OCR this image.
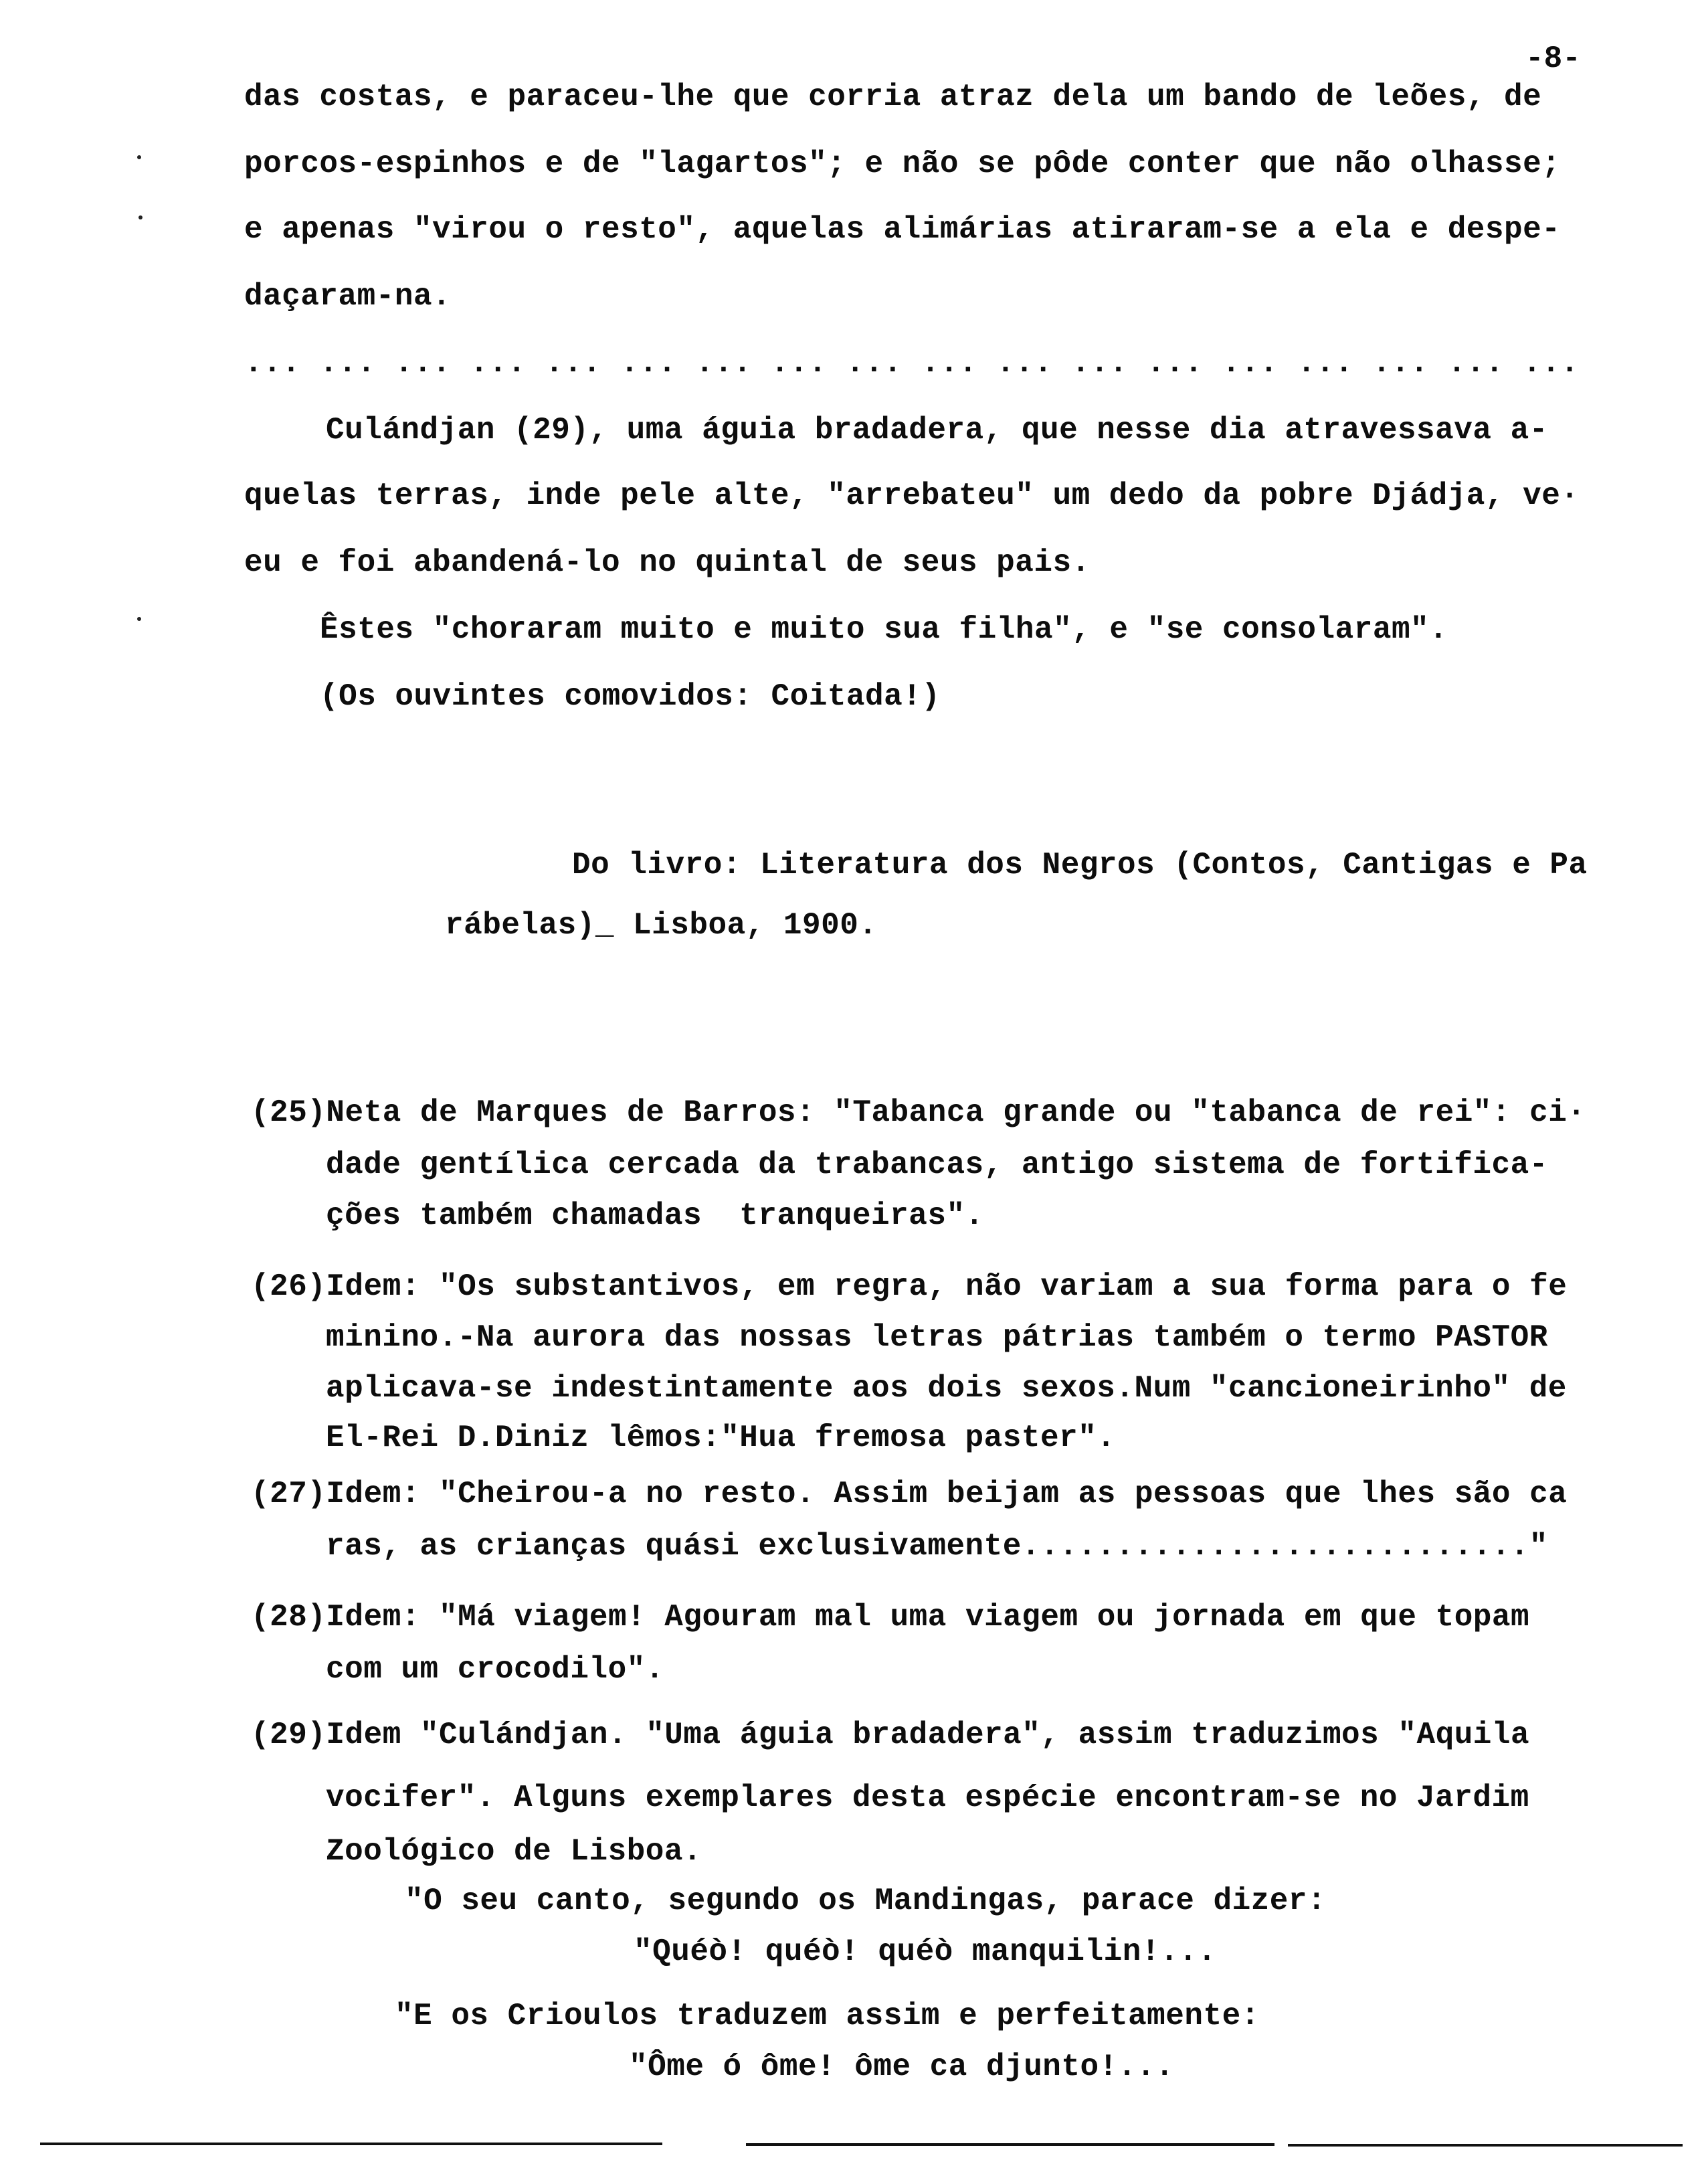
-8-
das costas, e paraceu-lhe que corria atraz dela um bando de leões, de
porcos-espinhos e de "lagartos"; e não se pôde conter que não olhasse;
e apenas "virou o resto", aquelas alimárias atiraram-se a ela e despe-
daçaram-na.
... ... ... ... ... ... ... ... ... ... ... ... ... ... ... ... ... ...
Culándjan (29), uma águia bradadera, que nesse dia atravessava a-
quelas terras, inde pele alte, "arrebateu" um dedo da pobre Djádja, ve·
eu e foi abandená-lo no quintal de seus pais.
Êstes "choraram muito e muito sua filha", e "se consolaram".
(Os ouvintes comovidos: Coitada!)
Do livro: Literatura dos Negros (Contos, Cantigas e Pa
rábelas)_ Lisboa, 1900.
(25)Neta de Marques de Barros: "Tabanca grande ou "tabanca de rei": ci·
dade gentílica cercada da trabancas, antigo sistema de fortifica-
ções também chamadas  tranqueiras".
(26)Idem: "Os substantivos, em regra, não variam a sua forma para o fe
minino.-Na aurora das nossas letras pátrias também o termo PASTOR
aplicava-se indestintamente aos dois sexos.Num "cancioneirinho" de
El-Rei D.Diniz lêmos:"Hua fremosa paster".
(27)Idem: "Cheirou-a no resto. Assim beijam as pessoas que lhes são ca
ras, as crianças quási exclusivamente..........................."
(28)Idem: "Má viagem! Agouram mal uma viagem ou jornada em que topam
com um crocodilo".
(29)Idem "Culándjan. "Uma águia bradadera", assim traduzimos "Aquila
vocifer". Alguns exemplares desta espécie encontram-se no Jardim
Zoológico de Lisboa.
"O seu canto, segundo os Mandingas, parace dizer:
"Quéò! quéò! quéò manquilin!...
"E os Crioulos traduzem assim e perfeitamente:
"Ôme ó ôme! ôme ca djunto!...
